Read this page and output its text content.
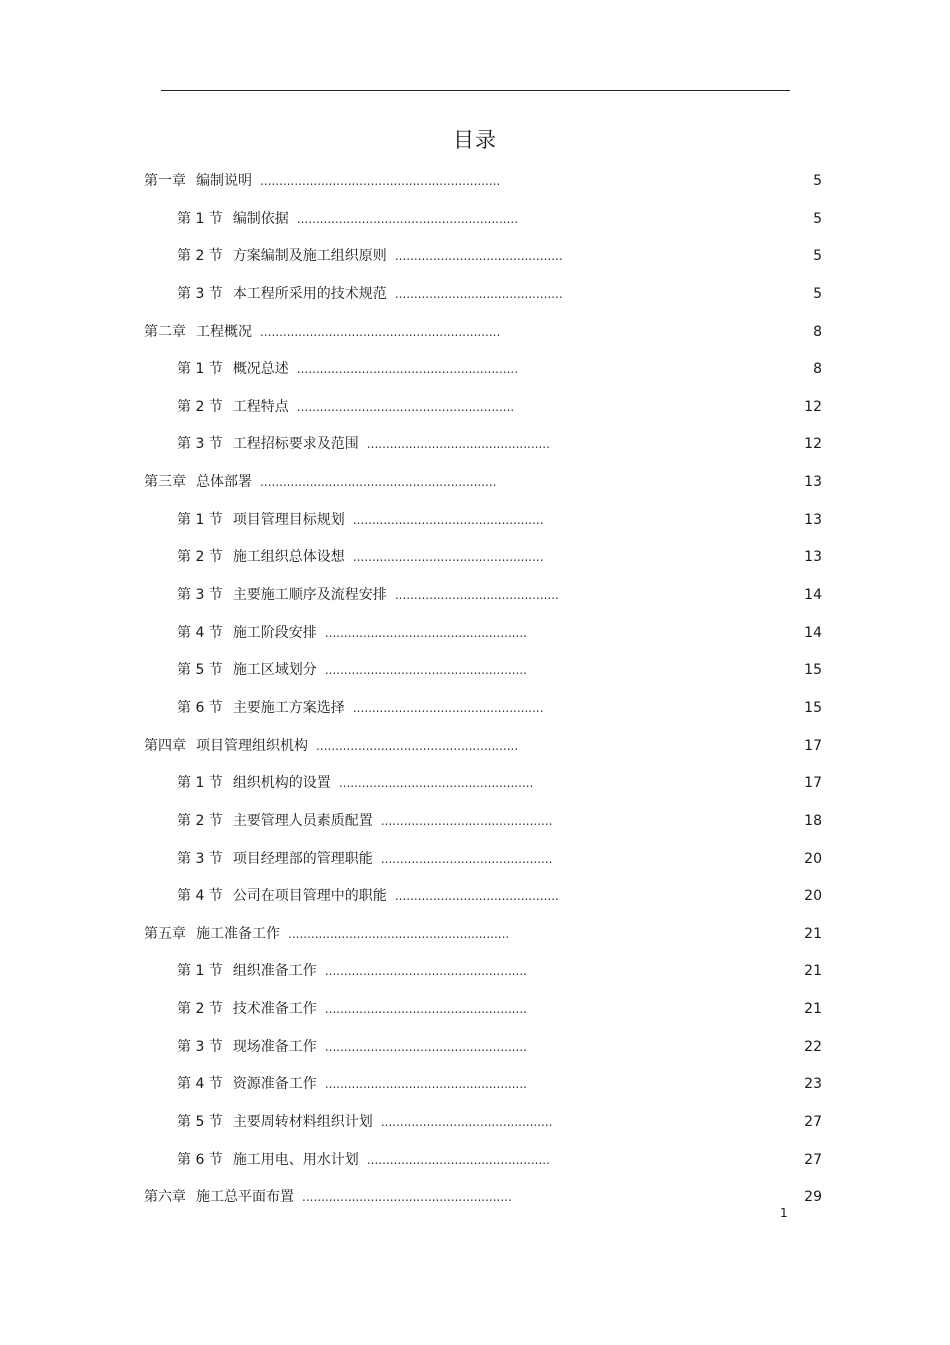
目录
第一章 编制说明 ...............................................................	5
第 1 节 编制依据 ..........................................................	5
第 2 节 方案编制及施工组织原则 ............................................	5
第 3 节 本工程所采用的技术规范 ............................................	5
第二章 工程概况 ...............................................................	8
第 1 节 概况总述 ..........................................................	8
第 2 节 工程特点 .........................................................	12
第 3 节 工程招标要求及范围 ................................................	12
第三章 总体部署 ..............................................................	13
第 1 节 项目管理目标规划 ..................................................	13
第 2 节 施工组织总体设想 ..................................................	13
第 3 节 主要施工顺序及流程安排 ...........................................	14
第 4 节 施工阶段安排 .....................................................	14
第 5 节 施工区域划分 .....................................................	15
第 6 节 主要施工方案选择 ..................................................	15
第四章 项目管理组织机构 .....................................................	17
第 1 节 组织机构的设置 ...................................................	17
第 2 节 主要管理人员素质配置 .............................................	18
第 3 节 项目经理部的管理职能 .............................................	20
第 4 节 公司在项目管理中的职能 ...........................................	20
第五章 施工准备工作 ..........................................................	21
第 1 节 组织准备工作 .....................................................	21
第 2 节 技术准备工作 .....................................................	21
第 3 节 现场准备工作 .....................................................	22
第 4 节 资源准备工作 .....................................................	23
第 5 节 主要周转材料组织计划 .............................................	27
第 6 节 施工用电、用水计划 ................................................	27
第六章 施工总平面布置 .......................................................	29
1
